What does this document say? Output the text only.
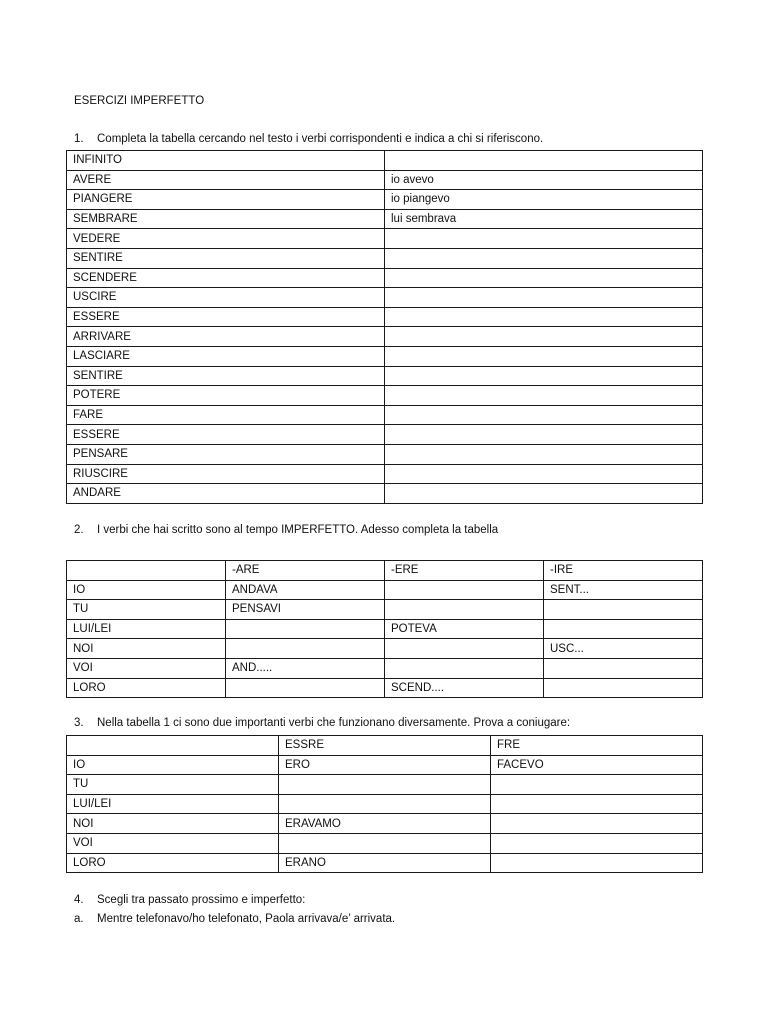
ESERCIZI IMPERFETTO
1.	Completa la tabella cercando nel testo i verbi corrispondenti e indica a chi si riferiscono.
INFINITO	
AVERE	io avevo
PIANGERE	io piangevo
SEMBRARE	lui sembrava
VEDERE	
SENTIRE	
SCENDERE	
USCIRE	
ESSERE	
ARRIVARE	
LASCIARE	
SENTIRE	
POTERE	
FARE	
ESSERE	
PENSARE	
RIUSCIRE	
ANDARE	
2.	I verbi che hai scritto sono al tempo IMPERFETTO. Adesso completa la tabella
	-ARE	-ERE	-IRE
IO	ANDAVA		SENT...
TU	PENSAVI		
LUI/LEI		POTEVA	
NOI			USC...
VOI	AND.....		
LORO		SCEND....	
3.	Nella tabella 1 ci sono due importanti verbi che funzionano diversamente. Prova a coniugare:
	ESSRE	FRE
IO	ERO	FACEVO
TU		
LUI/LEI		
NOI	ERAVAMO	
VOI		
LORO	ERANO	
4.	Scegli tra passato prossimo e imperfetto:
a.	Mentre telefonavo/ho telefonato, Paola arrivava/e’ arrivata.
